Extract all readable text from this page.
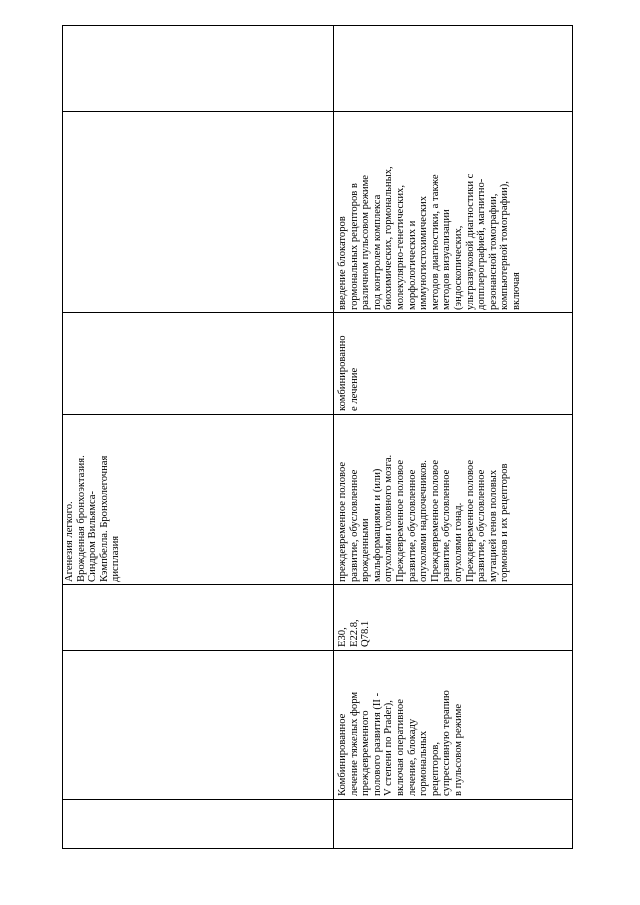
Агенезия легкого.
Врожденная бронхоэктазия.
Синдром Вильямса-
Кэмпбелла. Бронхолегочная
дисплазия
Комбинированное
лечение тяжелых форм
преждевременного
полового развития (II -
V степени по Prader),
включая оперативное
лечение, блокаду
гормональных
рецепторов,
супрессивную терапию
в пульсовом режиме
E30,
E22.8,
Q78.1
преждевременное половое
развитие, обусловленное
врожденными
мальформациями и (или)
опухолями головного мозга.
Преждевременное половое
развитие, обусловленное
опухолями надпочечников.
Преждевременное половое
развитие, обусловленное
опухолями гонад.
Преждевременное половое
развитие, обусловленное
мутацией генов половых
гормонов и их рецепторов
комбинированно
е лечение
введение блокаторов
гормональных рецепторов в
различном пульсовом режиме
под контролем комплекса
биохимических, гормональных,
молекулярно-генетических,
морфологических и
иммуногистохимических
методов диагностики, а также
методов визуализации
(эндоскопических,
ультразвуковой диагностики с
допплерографией, магнитно-
резонансной томографии,
компьютерной томографии),
включая
